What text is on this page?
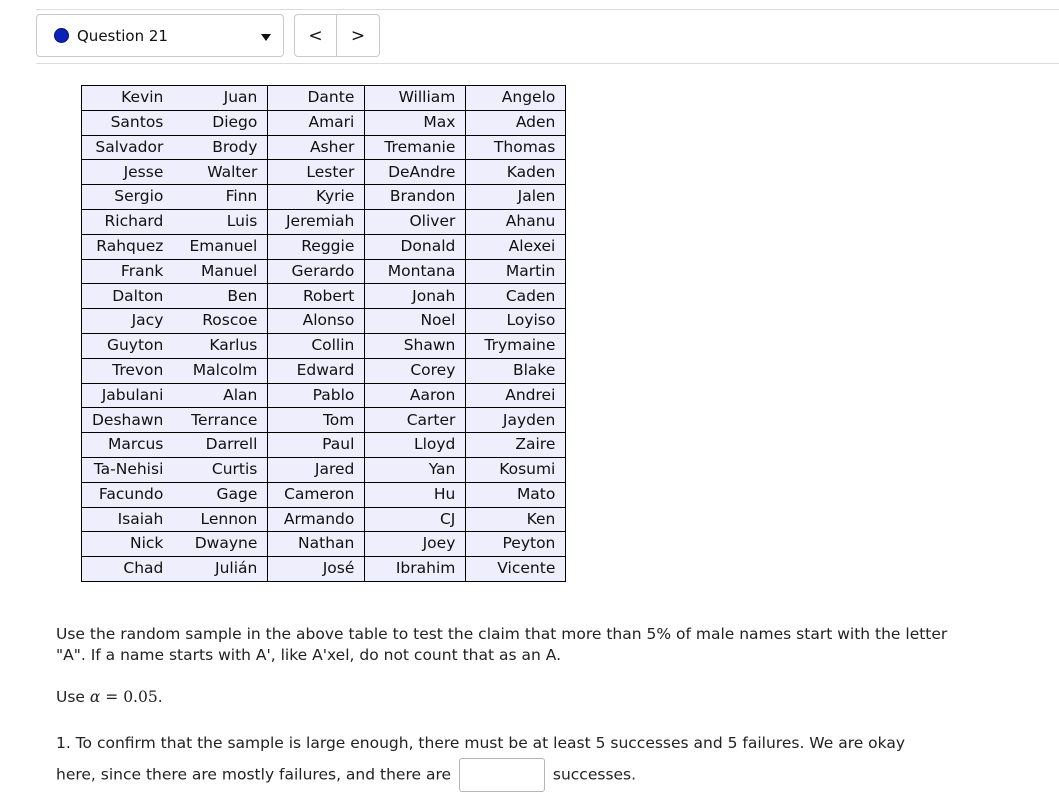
Question 21	<	>
Kevin	Juan	Dante	William	Angelo
Santos	Diego	Amari	Max	Aden
Salvador	Brody	Asher	Tremanie	Thomas
Jesse	Walter	Lester	DeAndre	Kaden
Sergio	Finn	Kyrie	Brandon	Jalen
Richard	Luis	Jeremiah	Oliver	Ahanu
Rahquez	Emanuel	Reggie	Donald	Alexei
Frank	Manuel	Gerardo	Montana	Martin
Dalton	Ben	Robert	Jonah	Caden
Jacy	Roscoe	Alonso	Noel	Loyiso
Guyton	Karlus	Collin	Shawn	Trymaine
Trevon	Malcolm	Edward	Corey	Blake
Jabulani	Alan	Pablo	Aaron	Andrei
Deshawn	Terrance	Tom	Carter	Jayden
Marcus	Darrell	Paul	Lloyd	Zaire
Ta-Nehisi	Curtis	Jared	Yan	Kosumi
Facundo	Gage	Cameron	Hu	Mato
Isaiah	Lennon	Armando	CJ	Ken
Nick	Dwayne	Nathan	Joey	Peyton
Chad	Julián	José	Ibrahim	Vicente
Use the random sample in the above table to test the claim that more than 5% of male names start with the letter "A". If a name starts with A', like A'xel, do not count that as an A.
Use α = 0.05.
1. To confirm that the sample is large enough, there must be at least 5 successes and 5 failures. We are okay here, since there are mostly failures, and there are	successes.
